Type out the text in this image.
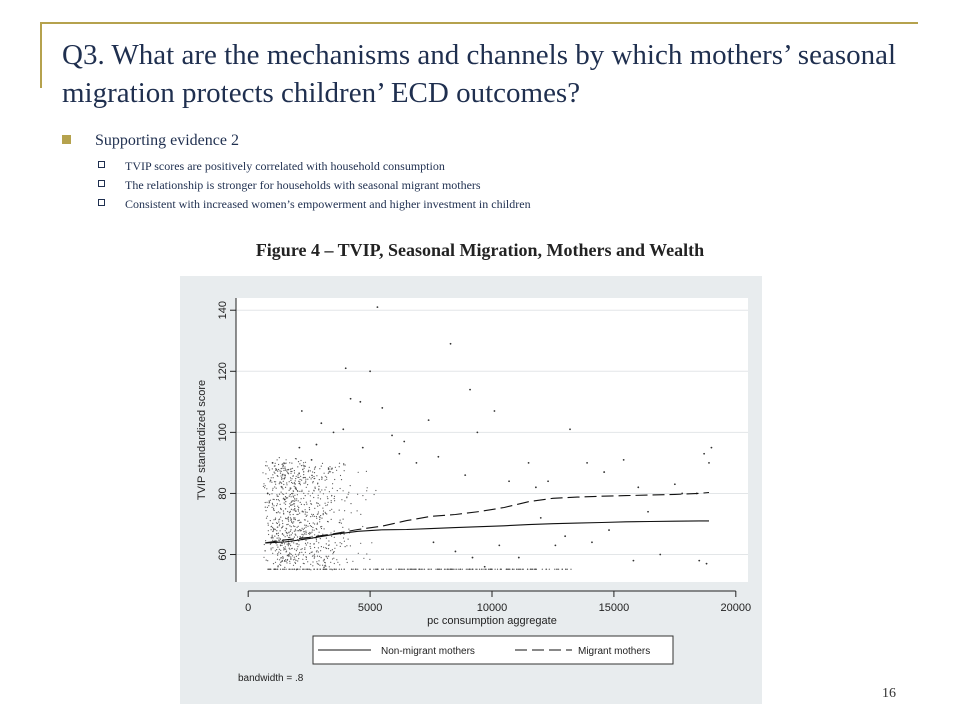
Q3. What are the mechanisms and channels by which mothers’ seasonal migration protects children’ ECD outcomes?
Supporting evidence 2
TVIP scores are positively correlated with household consumption
The relationship is stronger for households with seasonal migrant mothers
Consistent with increased women’s empowerment and higher investment in children
Figure 4 – TVIP, Seasonal Migration, Mothers and Wealth
60
80
100
120
140
0	5000	10000	15000	20000
pc consumption aggregate
TVIP standardized score
Non-migrant mothers	Migrant mothers
bandwidth = .8
16
